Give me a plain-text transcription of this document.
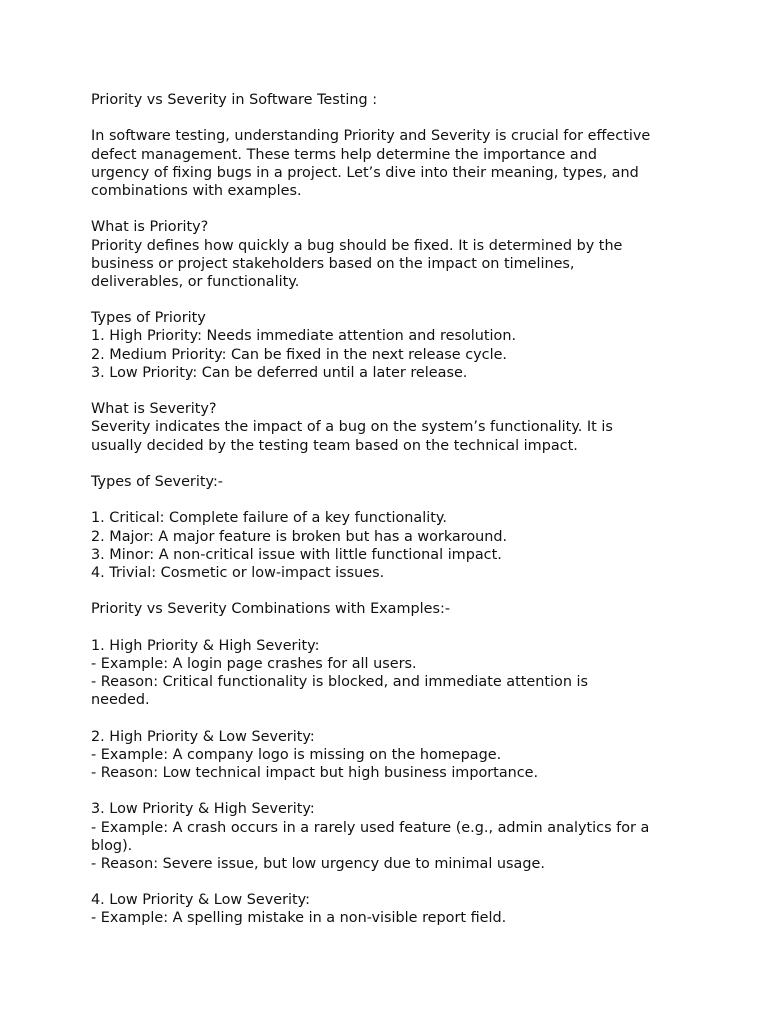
Priority vs Severity in Software Testing :
In software testing, understanding Priority and Severity is crucial for effective
defect management. These terms help determine the importance and
urgency of fixing bugs in a project. Let’s dive into their meaning, types, and
combinations with examples.
What is Priority?
Priority defines how quickly a bug should be fixed. It is determined by the
business or project stakeholders based on the impact on timelines,
deliverables, or functionality.
Types of Priority
1. High Priority: Needs immediate attention and resolution.
2. Medium Priority: Can be fixed in the next release cycle.
3. Low Priority: Can be deferred until a later release.
What is Severity?
Severity indicates the impact of a bug on the system’s functionality. It is
usually decided by the testing team based on the technical impact.
Types of Severity:-
1. Critical: Complete failure of a key functionality.
2. Major: A major feature is broken but has a workaround.
3. Minor: A non-critical issue with little functional impact.
4. Trivial: Cosmetic or low-impact issues.
Priority vs Severity Combinations with Examples:-
1. High Priority & High Severity:
- Example: A login page crashes for all users.
- Reason: Critical functionality is blocked, and immediate attention is
needed.
2. High Priority & Low Severity:
- Example: A company logo is missing on the homepage.
- Reason: Low technical impact but high business importance.
3. Low Priority & High Severity:
- Example: A crash occurs in a rarely used feature (e.g., admin analytics for a
blog).
- Reason: Severe issue, but low urgency due to minimal usage.
4. Low Priority & Low Severity:
- Example: A spelling mistake in a non-visible report field.
